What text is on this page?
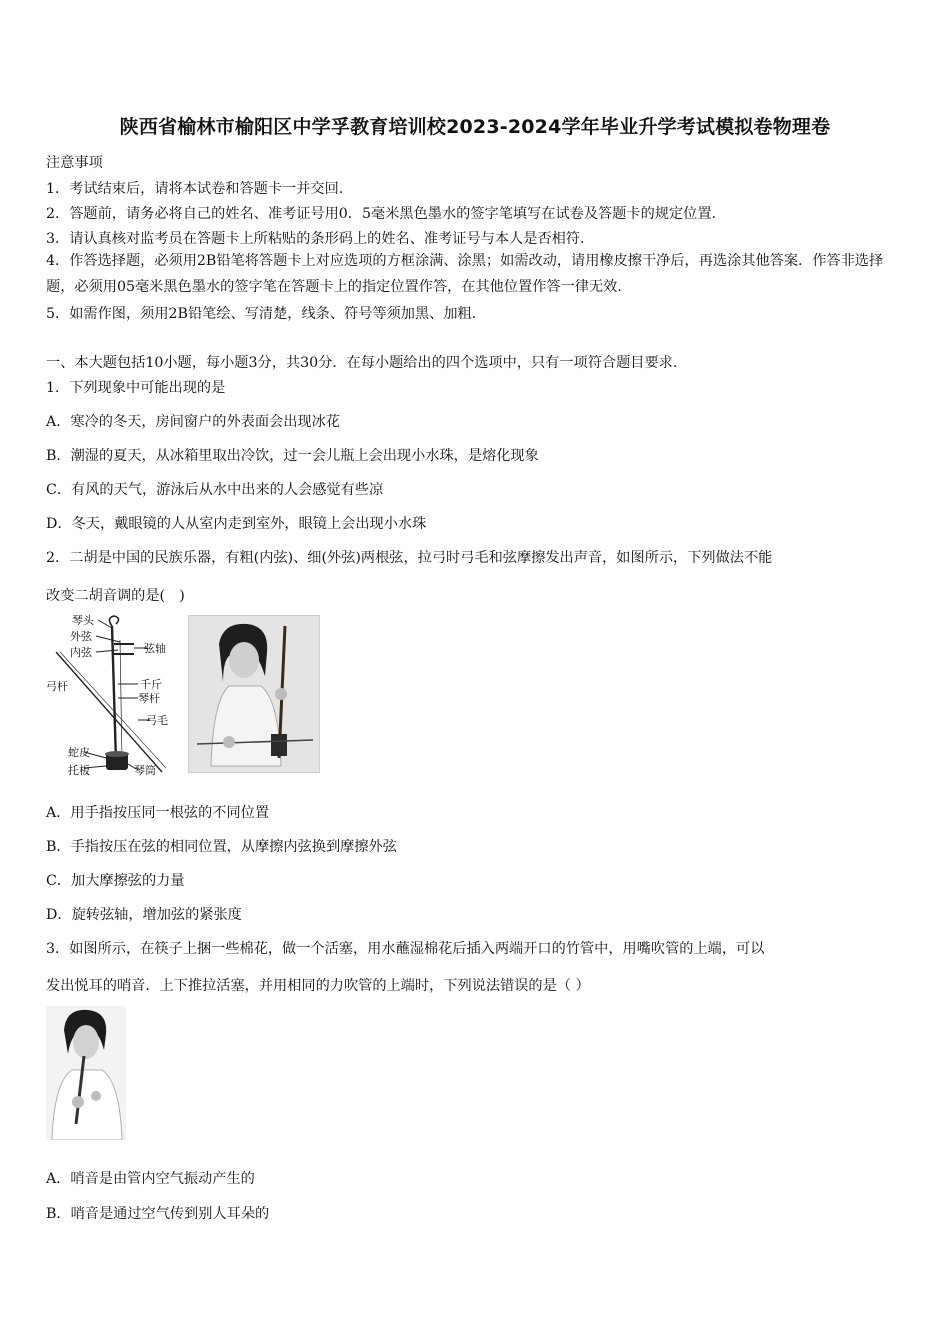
陕西省榆林市榆阳区中学孚教育培训校2023-2024学年毕业升学考试模拟卷物理卷
注意事项
1．考试结束后，请将本试卷和答题卡一并交回.
2．答题前，请务必将自己的姓名、准考证号用0．5毫米黑色墨水的签字笔填写在试卷及答题卡的规定位置.
3．请认真核对监考员在答题卡上所粘贴的条形码上的姓名、准考证号与本人是否相符.
4．作答选择题，必须用2B铅笔将答题卡上对应选项的方框涂满、涂黑；如需改动，请用橡皮擦干净后，再选涂其他答案．作答非选择题，必须用05毫米黑色墨水的签字笔在答题卡上的指定位置作答，在其他位置作答一律无效.
5．如需作图，须用2B铅笔绘、写清楚，线条、符号等须加黑、加粗.
一、本大题包括10小题，每小题3分，共30分．在每小题给出的四个选项中，只有一项符合题目要求.
1．下列现象中可能出现的是
A．寒冷的冬天，房间窗户的外表面会出现冰花
B．潮湿的夏天，从冰箱里取出冷饮，过一会儿瓶上会出现小水珠，是熔化现象
C．有风的天气，游泳后从水中出来的人会感觉有些凉
D．冬天，戴眼镜的人从室内走到室外，眼镜上会出现小水珠
2．二胡是中国的民族乐器，有粗(内弦)、细(外弦)两根弦，拉弓时弓毛和弦摩擦发出声音，如图所示，下列做法不能
改变二胡音调的是(　)
琴头
外弦
内弦	弦轴
弓杆	千斤
琴杆
弓毛
蛇皮
托板	琴筒
A．用手指按压同一根弦的不同位置
B．手指按压在弦的相同位置，从摩擦内弦换到摩擦外弦
C．加大摩擦弦的力量
D．旋转弦轴，增加弦的紧张度
3．如图所示，在筷子上捆一些棉花，做一个活塞，用水蘸湿棉花后插入两端开口的竹管中，用嘴吹管的上端，可以
发出悦耳的哨音．上下推拉活塞，并用相同的力吹管的上端时，下列说法错误的是（ ）
A．哨音是由管内空气振动产生的
B．哨音是通过空气传到别人耳朵的
